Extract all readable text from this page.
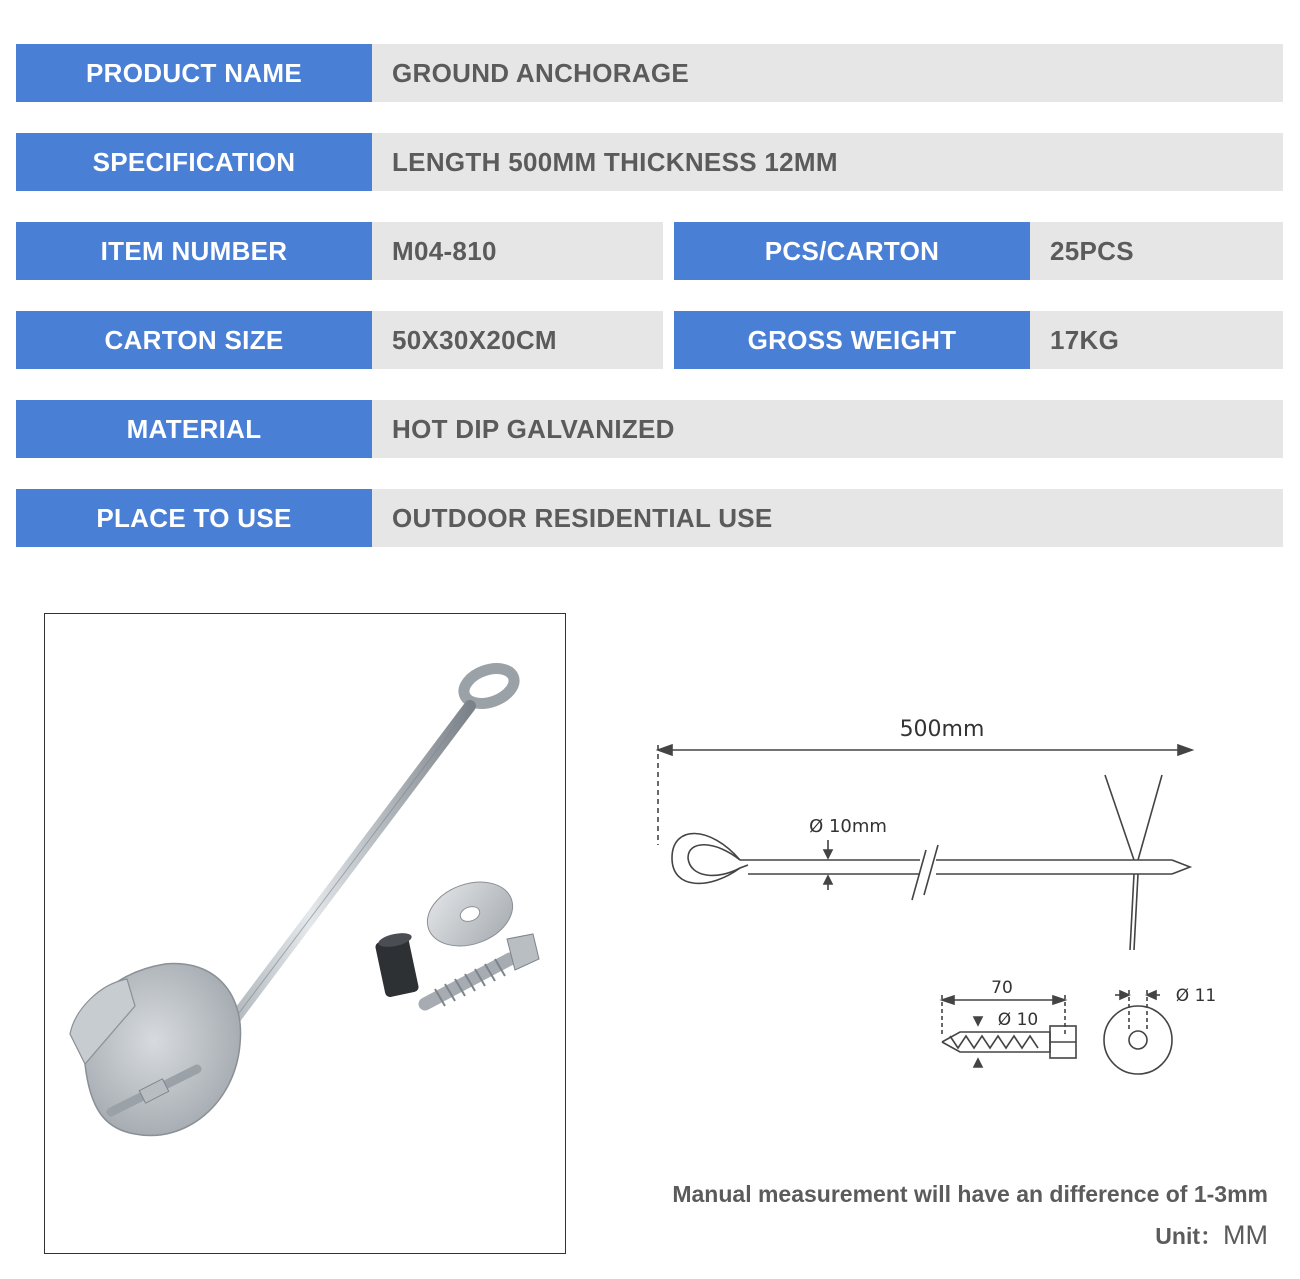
PRODUCT NAME	GROUND ANCHORAGE
SPECIFICATION	LENGTH 500MM THICKNESS 12MM
ITEM NUMBER	M04-810	PCS/CARTON	25PCS
CARTON SIZE	50X30X20CM	GROSS WEIGHT	17KG
MATERIAL	HOT DIP GALVANIZED
PLACE TO USE	OUTDOOR RESIDENTIAL USE
500mm
Ø 10mm
70
Ø 10
Ø 11
Manual measurement will have an difference of 1-3mm
Unit：MM
